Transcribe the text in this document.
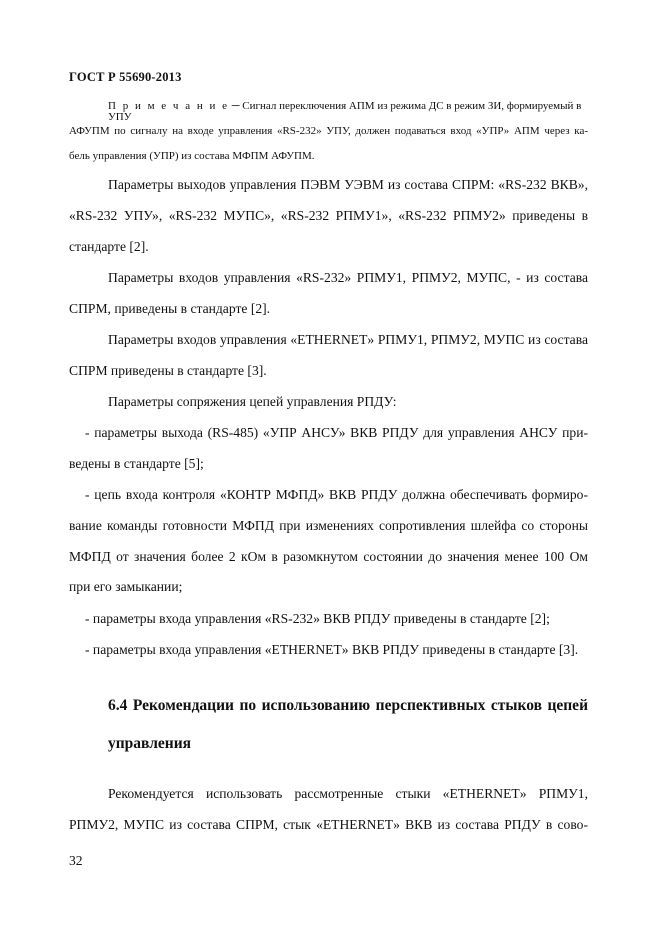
ГОСТ Р 55690-2013
П р и м е ч а н и е ─ Сигнал переключения АПМ из режима ДС в режим ЗИ, формируемый в УПУ
АФУПМ по сигналу на входе управления «RS-232» УПУ, должен подаваться вход «УПР» АПМ через ка-
бель управления (УПР) из состава МФПМ АФУПМ.
Параметры выходов управления ПЭВМ УЭВМ из состава СПРМ: «RS-232 ВКВ»,
«RS-232 УПУ», «RS-232 МУПС», «RS-232 РПМУ1», «RS-232 РПМУ2» приведены в
стандарте [2].
Параметры входов управления «RS-232» РПМУ1, РПМУ2, МУПС, - из состава
СПРМ, приведены в стандарте [2].
Параметры входов управления «ETHERNET» РПМУ1, РПМУ2, МУПС из состава
СПРМ приведены в стандарте [3].
Параметры сопряжения цепей управления РПДУ:
- параметры выхода (RS-485) «УПР АНСУ» ВКВ РПДУ для управления АНСУ при-
ведены в стандарте [5];
- цепь входа контроля «КОНТР МФПД» ВКВ РПДУ должна обеспечивать формиро-
вание команды готовности МФПД при изменениях сопротивления шлейфа со стороны
МФПД от значения более 2 кОм в разомкнутом состоянии до значения менее 100 Ом
при его замыкании;
- параметры входа управления «RS-232» ВКВ РПДУ приведены в стандарте [2];
- параметры входа управления «ETHERNET» ВКВ РПДУ приведены в стандарте [3].
6.4 Рекомендации по использованию перспективных стыков цепей
управления
Рекомендуется использовать рассмотренные стыки «ETHERNET» РПМУ1,
РПМУ2, МУПС из состава СПРМ, стык «ETHERNET» ВКВ из состава РПДУ в сово-
32
